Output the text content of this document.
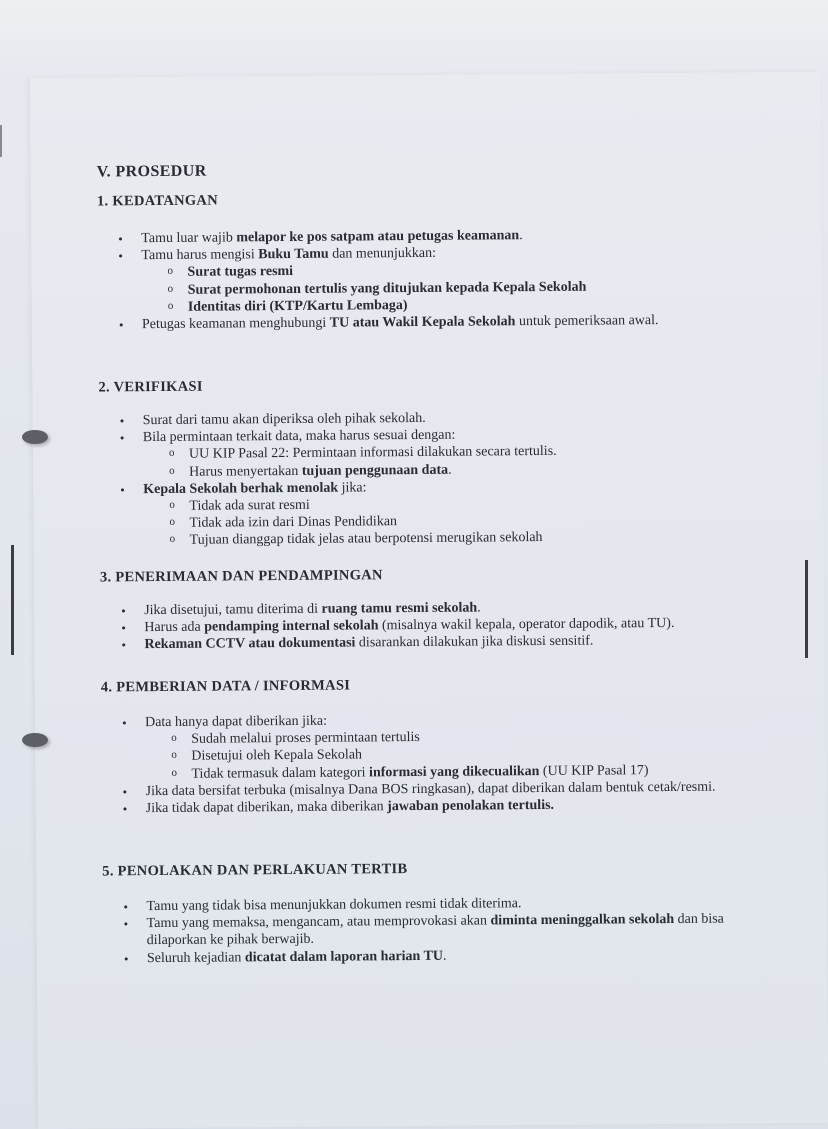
V. PROSEDUR
1. KEDATANGAN
• Tamu luar wajib melapor ke pos satpam atau petugas keamanan.
• Tamu harus mengisi Buku Tamu dan menunjukkan:
o Surat tugas resmi
o Surat permohonan tertulis yang ditujukan kepada Kepala Sekolah
o Identitas diri (KTP/Kartu Lembaga)
• Petugas keamanan menghubungi TU atau Wakil Kepala Sekolah untuk pemeriksaan awal.
2. VERIFIKASI
• Surat dari tamu akan diperiksa oleh pihak sekolah.
• Bila permintaan terkait data, maka harus sesuai dengan:
o UU KIP Pasal 22: Permintaan informasi dilakukan secara tertulis.
o Harus menyertakan tujuan penggunaan data.
• Kepala Sekolah berhak menolak jika:
o Tidak ada surat resmi
o Tidak ada izin dari Dinas Pendidikan
o Tujuan dianggap tidak jelas atau berpotensi merugikan sekolah
3. PENERIMAAN DAN PENDAMPINGAN
• Jika disetujui, tamu diterima di ruang tamu resmi sekolah.
• Harus ada pendamping internal sekolah (misalnya wakil kepala, operator dapodik, atau TU).
• Rekaman CCTV atau dokumentasi disarankan dilakukan jika diskusi sensitif.
4. PEMBERIAN DATA / INFORMASI
• Data hanya dapat diberikan jika:
o Sudah melalui proses permintaan tertulis
o Disetujui oleh Kepala Sekolah
o Tidak termasuk dalam kategori informasi yang dikecualikan (UU KIP Pasal 17)
• Jika data bersifat terbuka (misalnya Dana BOS ringkasan), dapat diberikan dalam bentuk cetak/resmi.
• Jika tidak dapat diberikan, maka diberikan jawaban penolakan tertulis.
5. PENOLAKAN DAN PERLAKUAN TERTIB
• Tamu yang tidak bisa menunjukkan dokumen resmi tidak diterima.
• Tamu yang memaksa, mengancam, atau memprovokasi akan diminta meninggalkan sekolah dan bisa dilaporkan ke pihak berwajib.
• Seluruh kejadian dicatat dalam laporan harian TU.
